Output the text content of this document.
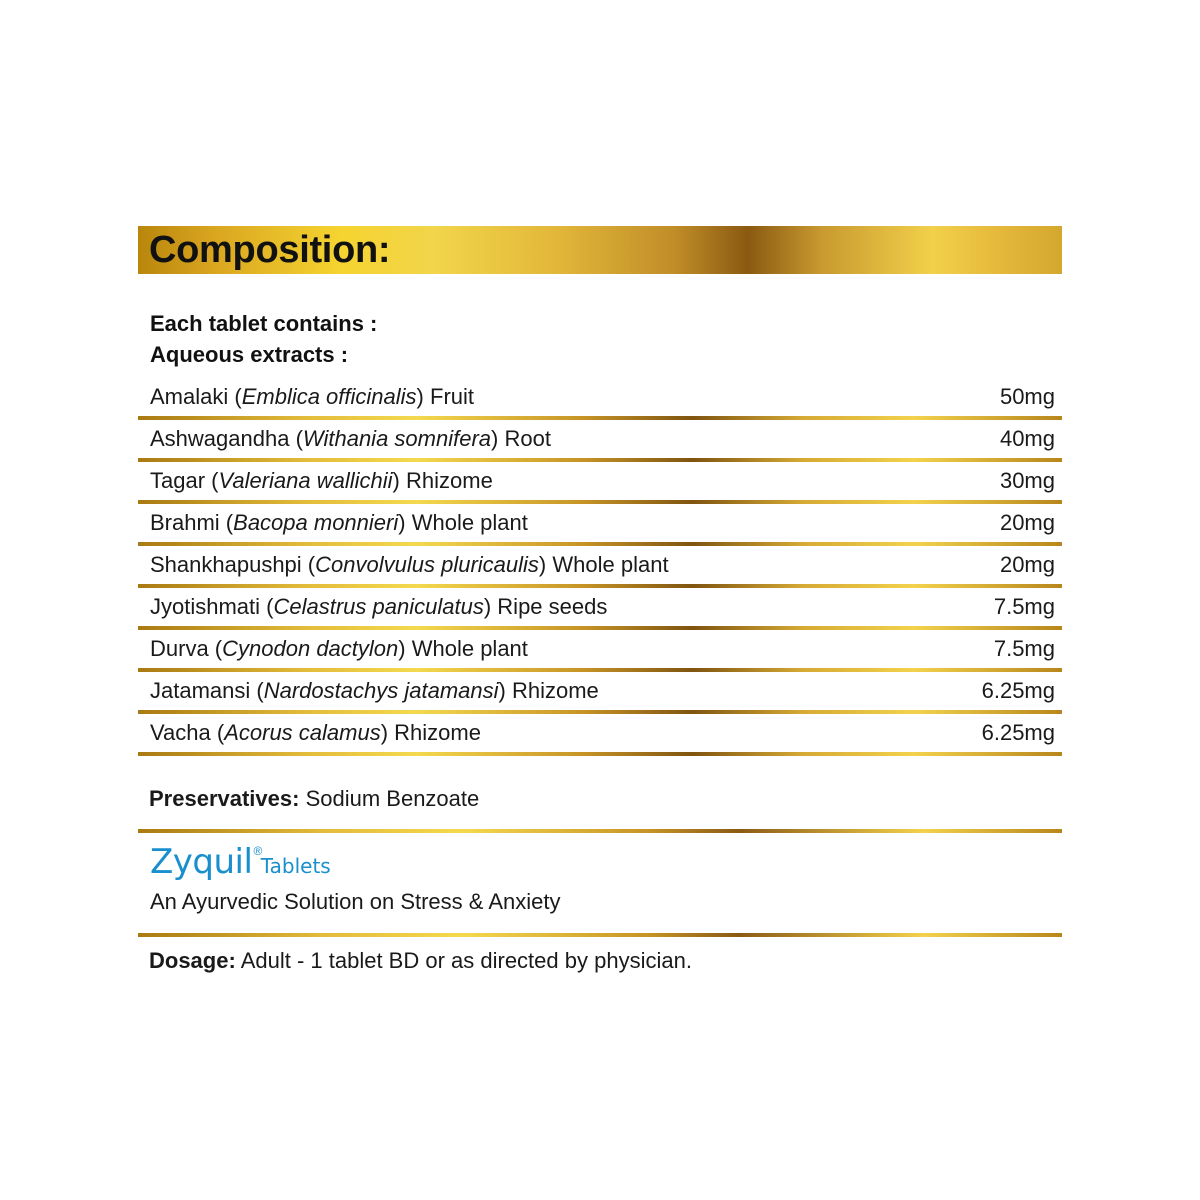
Composition:
Each tablet contains :
Aqueous extracts :
Amalaki (Emblica officinalis) Fruit	50mg
Ashwagandha (Withania somnifera) Root	40mg
Tagar (Valeriana wallichii) Rhizome	30mg
Brahmi (Bacopa monnieri) Whole plant	20mg
Shankhapushpi (Convolvulus pluricaulis) Whole plant	20mg
Jyotishmati (Celastrus paniculatus) Ripe seeds	7.5mg
Durva (Cynodon dactylon) Whole plant	7.5mg
Jatamansi (Nardostachys jatamansi) Rhizome	6.25mg
Vacha (Acorus calamus) Rhizome	6.25mg
Preservatives: Sodium Benzoate
Zyquil® Tablets
An Ayurvedic Solution on Stress & Anxiety
Dosage: Adult - 1 tablet BD or as directed by physician.
